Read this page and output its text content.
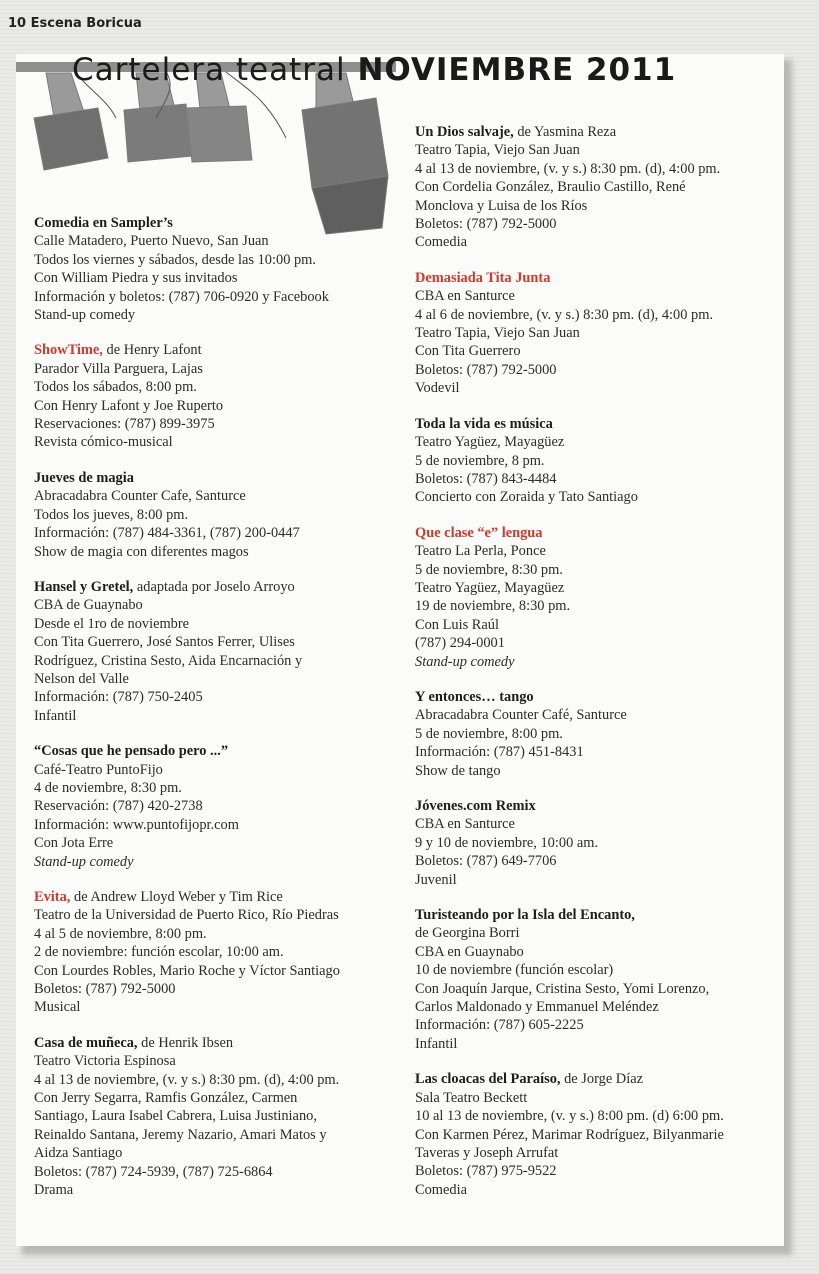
10 Escena Boricua
Cartelera teatral NOVIEMBRE 2011
Comedia en Sampler’s
Calle Matadero, Puerto Nuevo, San Juan
Todos los viernes y sábados, desde las 10:00 pm.
Con William Piedra y sus invitados
Información y boletos: (787) 706-0920 y Facebook
Stand-up comedy
ShowTime, de Henry Lafont
Parador Villa Parguera, Lajas
Todos los sábados, 8:00 pm.
Con Henry Lafont y Joe Ruperto
Reservaciones: (787) 899-3975
Revista cómico-musical
Jueves de magia
Abracadabra Counter Cafe, Santurce
Todos los jueves, 8:00 pm.
Información: (787) 484-3361, (787) 200-0447
Show de magia con diferentes magos
Hansel y Gretel, adaptada por Joselo Arroyo
CBA de Guaynabo
Desde el 1ro de noviembre
Con Tita Guerrero, José Santos Ferrer, Ulises
Rodríguez, Cristina Sesto, Aida Encarnación y
Nelson del Valle
Información: (787) 750-2405
Infantil
“Cosas que he pensado pero ...”
Café-Teatro PuntoFijo
4 de noviembre, 8:30 pm.
Reservación: (787) 420-2738
Información: www.puntofijopr.com
Con Jota Erre
Stand-up comedy
Evita, de Andrew Lloyd Weber y Tim Rice
Teatro de la Universidad de Puerto Rico, Río Piedras
4 al 5 de noviembre, 8:00 pm.
2 de noviembre: función escolar, 10:00 am.
Con Lourdes Robles, Mario Roche y Víctor Santiago
Boletos: (787) 792-5000
Musical
Casa de muñeca, de Henrik Ibsen
Teatro Victoria Espinosa
4 al 13 de noviembre, (v. y s.) 8:30 pm. (d), 4:00 pm.
Con Jerry Segarra, Ramfis González, Carmen
Santiago, Laura Isabel Cabrera, Luisa Justiniano,
Reinaldo Santana, Jeremy Nazario, Amari Matos y
Aidza Santiago
Boletos: (787) 724-5939, (787) 725-6864
Drama
Un Dios salvaje, de Yasmina Reza
Teatro Tapia, Viejo San Juan
4 al 13 de noviembre, (v. y s.) 8:30 pm. (d), 4:00 pm.
Con Cordelia González, Braulio Castillo, René
Monclova y Luisa de los Ríos
Boletos: (787) 792-5000
Comedia
Demasiada Tita Junta
CBA en Santurce
4 al 6 de noviembre, (v. y s.) 8:30 pm. (d), 4:00 pm.
Teatro Tapia, Viejo San Juan
Con Tita Guerrero
Boletos: (787) 792-5000
Vodevil
Toda la vida es música
Teatro Yagüez, Mayagüez
5 de noviembre, 8 pm.
Boletos: (787) 843-4484
Concierto con Zoraida y Tato Santiago
Que clase “e” lengua
Teatro La Perla, Ponce
5 de noviembre, 8:30 pm.
Teatro Yagüez, Mayagüez
19 de noviembre, 8:30 pm.
Con Luis Raúl
(787) 294-0001
Stand-up comedy
Y entonces… tango
Abracadabra Counter Café, Santurce
5 de noviembre, 8:00 pm.
Información: (787) 451-8431
Show de tango
Jóvenes.com Remix
CBA en Santurce
9 y 10 de noviembre, 10:00 am.
Boletos: (787) 649-7706
Juvenil
Turisteando por la Isla del Encanto,
de Georgina Borri
CBA en Guaynabo
10 de noviembre (función escolar)
Con Joaquín Jarque, Cristina Sesto, Yomi Lorenzo,
Carlos Maldonado y Emmanuel Meléndez
Información: (787) 605-2225
Infantil
Las cloacas del Paraíso, de Jorge Díaz
Sala Teatro Beckett
10 al 13 de noviembre, (v. y s.) 8:00 pm. (d) 6:00 pm.
Con Karmen Pérez, Marimar Rodríguez, Bilyanmarie
Taveras y Joseph Arrufat
Boletos: (787) 975-9522
Comedia
